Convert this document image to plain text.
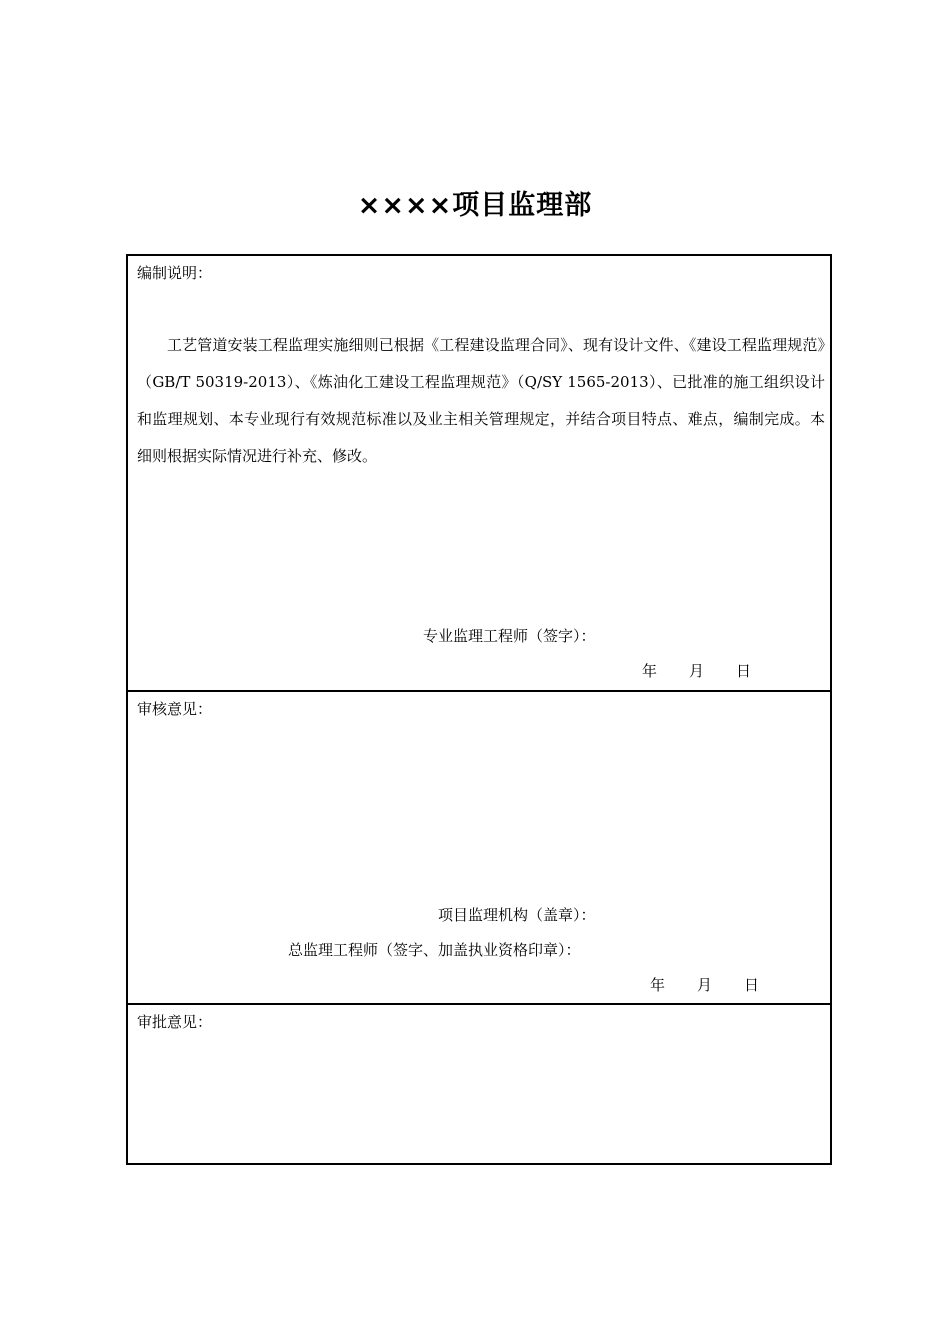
××××项目监理部
编制说明：
工艺管道安装工程监理实施细则已根据《工程建设监理合同》、现有设计文件、《建设工程监理规范》（GB/T 50319-2013）、《炼油化工建设工程监理规范》（Q/SY 1565-2013）、已批准的施工组织设计和监理规划、本专业现行有效规范标准以及业主相关管理规定，并结合项目特点、难点，编制完成。本细则根据实际情况进行补充、修改。
专业监理工程师（签字）：
年 月 日
审核意见：
项目监理机构（盖章）：
总监理工程师（签字、加盖执业资格印章）：
年 月 日
审批意见：
